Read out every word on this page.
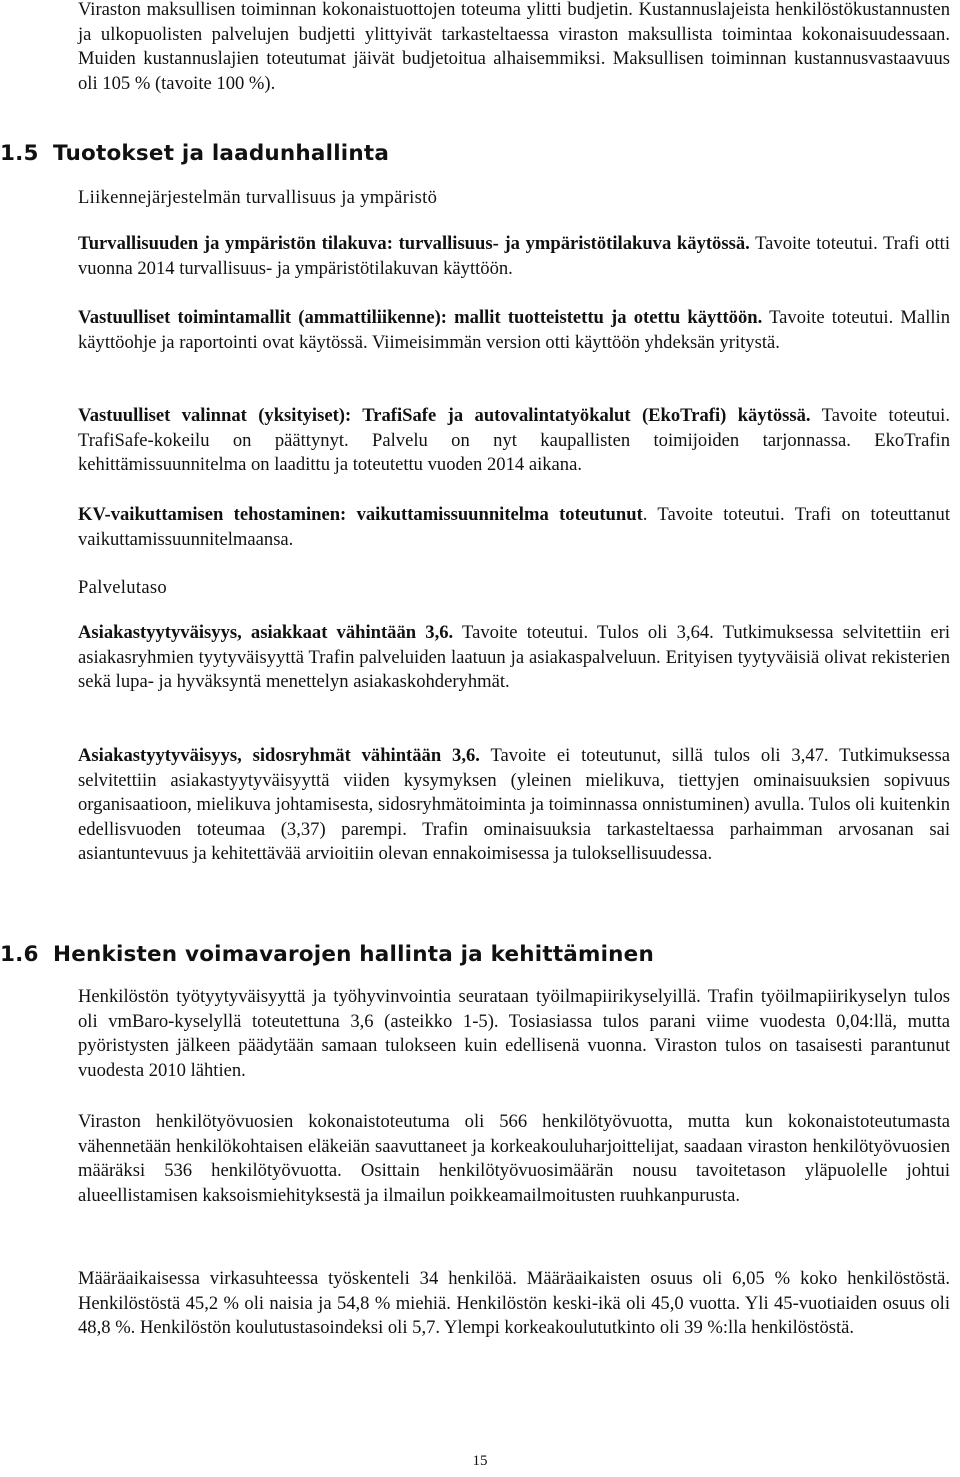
Viraston maksullisen toiminnan kokonaistuottojen toteuma ylitti budjetin. Kustannuslajeista henkilöstökustannusten ja ulkopuolisten palvelujen budjetti ylittyivät tarkasteltaessa viraston maksullista toimintaa kokonaisuudessaan. Muiden kustannuslajien toteutumat jäivät budjetoitua alhaisemmiksi. Maksullisen toiminnan kustannusvastaavuus oli 105 % (tavoite 100 %).

1.5 Tuotokset ja laadunhallinta

Liikennejärjestelmän turvallisuus ja ympäristö

Turvallisuuden ja ympäristön tilakuva: turvallisuus- ja ympäristötilakuva käytössä. Tavoite toteutui. Trafi otti vuonna 2014 turvallisuus- ja ympäristötilakuvan käyttöön.

Vastuulliset toimintamallit (ammattiliikenne): mallit tuotteistettu ja otettu käyttöön. Tavoite toteutui. Mallin käyttöohje ja raportointi ovat käytössä. Viimeisimmän version otti käyttöön yhdeksän yritystä.

Vastuulliset valinnat (yksityiset): TrafiSafe ja autovalintatyökalut (EkoTrafi) käytössä. Tavoite toteutui. TrafiSafe-kokeilu on päättynyt. Palvelu on nyt kaupallisten toimijoiden tarjonnassa. EkoTrafin kehittämissuunnitelma on laadittu ja toteutettu vuoden 2014 aikana.

KV-vaikuttamisen tehostaminen: vaikuttamissuunnitelma toteutunut. Tavoite toteutui. Trafi on toteuttanut vaikuttamissuunnitelmaansa.

Palvelutaso

Asiakastyytyväisyys, asiakkaat vähintään 3,6. Tavoite toteutui. Tulos oli 3,64. Tutkimuksessa selvitettiin eri asiakasryhmien tyytyväisyyttä Trafin palveluiden laatuun ja asiakaspalveluun. Erityisen tyytyväisiä olivat rekisterien sekä lupa- ja hyväksyntä menettelyn asiakaskohderyhmät.

Asiakastyytyväisyys, sidosryhmät vähintään 3,6. Tavoite ei toteutunut, sillä tulos oli 3,47. Tutkimuksessa selvitettiin asiakastyytyväisyyttä viiden kysymyksen (yleinen mielikuva, tiettyjen ominaisuuksien sopivuus organisaatioon, mielikuva johtamisesta, sidosryhmätoiminta ja toiminnassa onnistuminen) avulla. Tulos oli kuitenkin edellisvuoden toteumaa (3,37) parempi. Trafin ominaisuuksia tarkasteltaessa parhaimman arvosanan sai asiantuntevuus ja kehitettävää arvioitiin olevan ennakoimisessa ja tuloksellisuudessa.

1.6 Henkisten voimavarojen hallinta ja kehittäminen

Henkilöstön työtyytyväisyyttä ja työhyvinvointia seurataan työilmapiirikyselyillä. Trafin työilmapiirikyselyn tulos oli vmBaro-kyselyllä toteutettuna 3,6 (asteikko 1-5). Tosiasiassa tulos parani viime vuodesta 0,04:llä, mutta pyöristysten jälkeen päädytään samaan tulokseen kuin edellisenä vuonna. Viraston tulos on tasaisesti parantunut vuodesta 2010 lähtien.

Viraston henkilötyövuosien kokonaistoteutuma oli 566 henkilötyövuotta, mutta kun kokonaistoteutumasta vähennetään henkilökohtaisen eläkeiän saavuttaneet ja korkeakouluharjoittelijat, saadaan viraston henkilötyövuosien määräksi 536 henkilötyövuotta. Osittain henkilötyövuosimäärän nousu tavoitetason yläpuolelle johtui alueellistamisen kaksoismiehityksestä ja ilmailun poikkeamailmoitusten ruuhkanpurusta.

Määräaikaisessa virkasuhteessa työskenteli 34 henkilöä. Määräaikaisten osuus oli 6,05 % koko henkilöstöstä. Henkilöstöstä 45,2 % oli naisia ja 54,8 % miehiä. Henkilöstön keski-ikä oli 45,0 vuotta. Yli 45-vuotiaiden osuus oli 48,8 %. Henkilöstön koulutustasoindeksi oli 5,7. Ylempi korkeakoulututkinto oli 39 %:lla henkilöstöstä.

15
